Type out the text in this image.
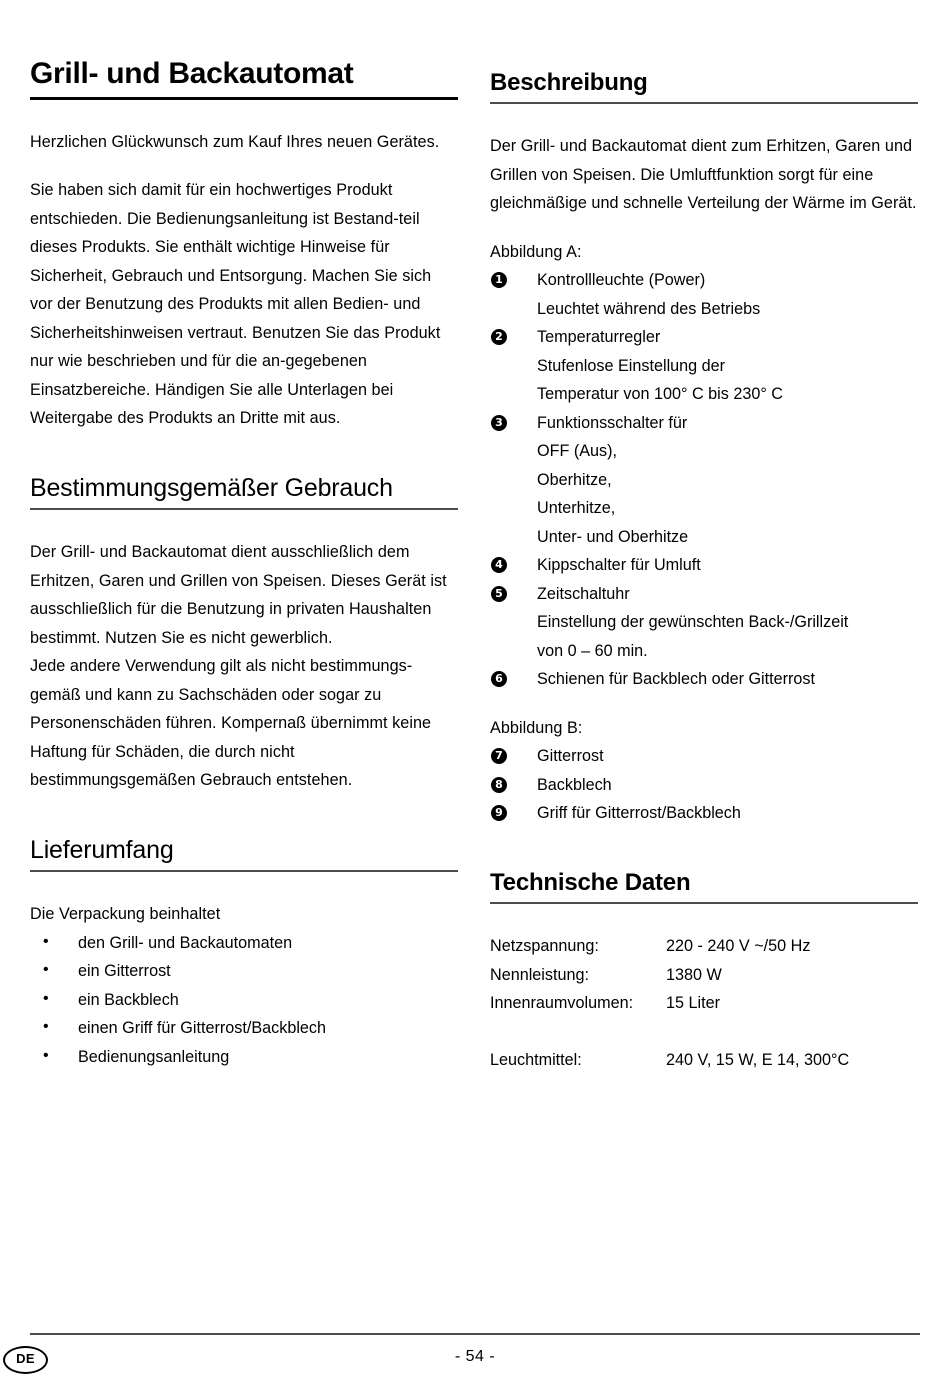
Grill- und Backautomat

Herzlichen Glückwunsch zum Kauf Ihres neuen Gerätes.

Sie haben sich damit für ein hochwertiges Produkt entschieden. Die Bedienungsanleitung ist Bestand-teil dieses Produkts. Sie enthält wichtige Hinweise für Sicherheit, Gebrauch und Entsorgung. Machen Sie sich vor der Benutzung des Produkts mit allen Bedien- und Sicherheitshinweisen vertraut. Benutzen Sie das Produkt nur wie beschrieben und für die an-gegebenen Einsatzbereiche. Händigen Sie alle Unterlagen bei Weitergabe des Produkts an Dritte mit aus.

Bestimmungsgemäßer Gebrauch

Der Grill- und Backautomat dient ausschließlich dem Erhitzen, Garen und Grillen von Speisen. Dieses Gerät ist ausschließlich für die Benutzung in privaten Haushalten bestimmt. Nutzen Sie es nicht gewerblich.

Jede andere Verwendung gilt als nicht bestimmungs-gemäß und kann zu Sachschäden oder sogar zu Personenschäden führen. Kompernaß übernimmt keine Haftung für Schäden, die durch nicht bestimmungsgemäßen Gebrauch entstehen.

Lieferumfang

Die Verpackung beinhaltet

• den Grill- und Backautomaten
• ein Gitterrost
• ein Backblech
• einen Griff für Gitterrost/Backblech
• Bedienungsanleitung
Beschreibung

Der Grill- und Backautomat dient zum Erhitzen, Garen und Grillen von Speisen. Die Umluftfunktion sorgt für eine gleichmäßige und schnelle Verteilung der Wärme im Gerät.

Abbildung A:
1 Kontrollleuchte (Power)
Leuchtet während des Betriebs
2 Temperaturregler
Stufenlose Einstellung der
Temperatur von 100° C bis 230° C
3 Funktionsschalter für
OFF (Aus),
Oberhitze,
Unterhitze,
Unter- und Oberhitze
4 Kippschalter für Umluft
5 Zeitschaltuhr
Einstellung der gewünschten Back-/Grillzeit
von 0 – 60 min.
6 Schienen für Backblech oder Gitterrost
Abbildung B:
7 Gitterrost
8 Backblech
9 Griff für Gitterrost/Backblech
Technische Daten
Netzspannung:	220 - 240 V ~/50 Hz
Nennleistung:	1380 W
Innenraumvolumen:	15 Liter

Leuchtmittel:	240 V, 15 W, E 14, 300°C
DE	- 54 -
